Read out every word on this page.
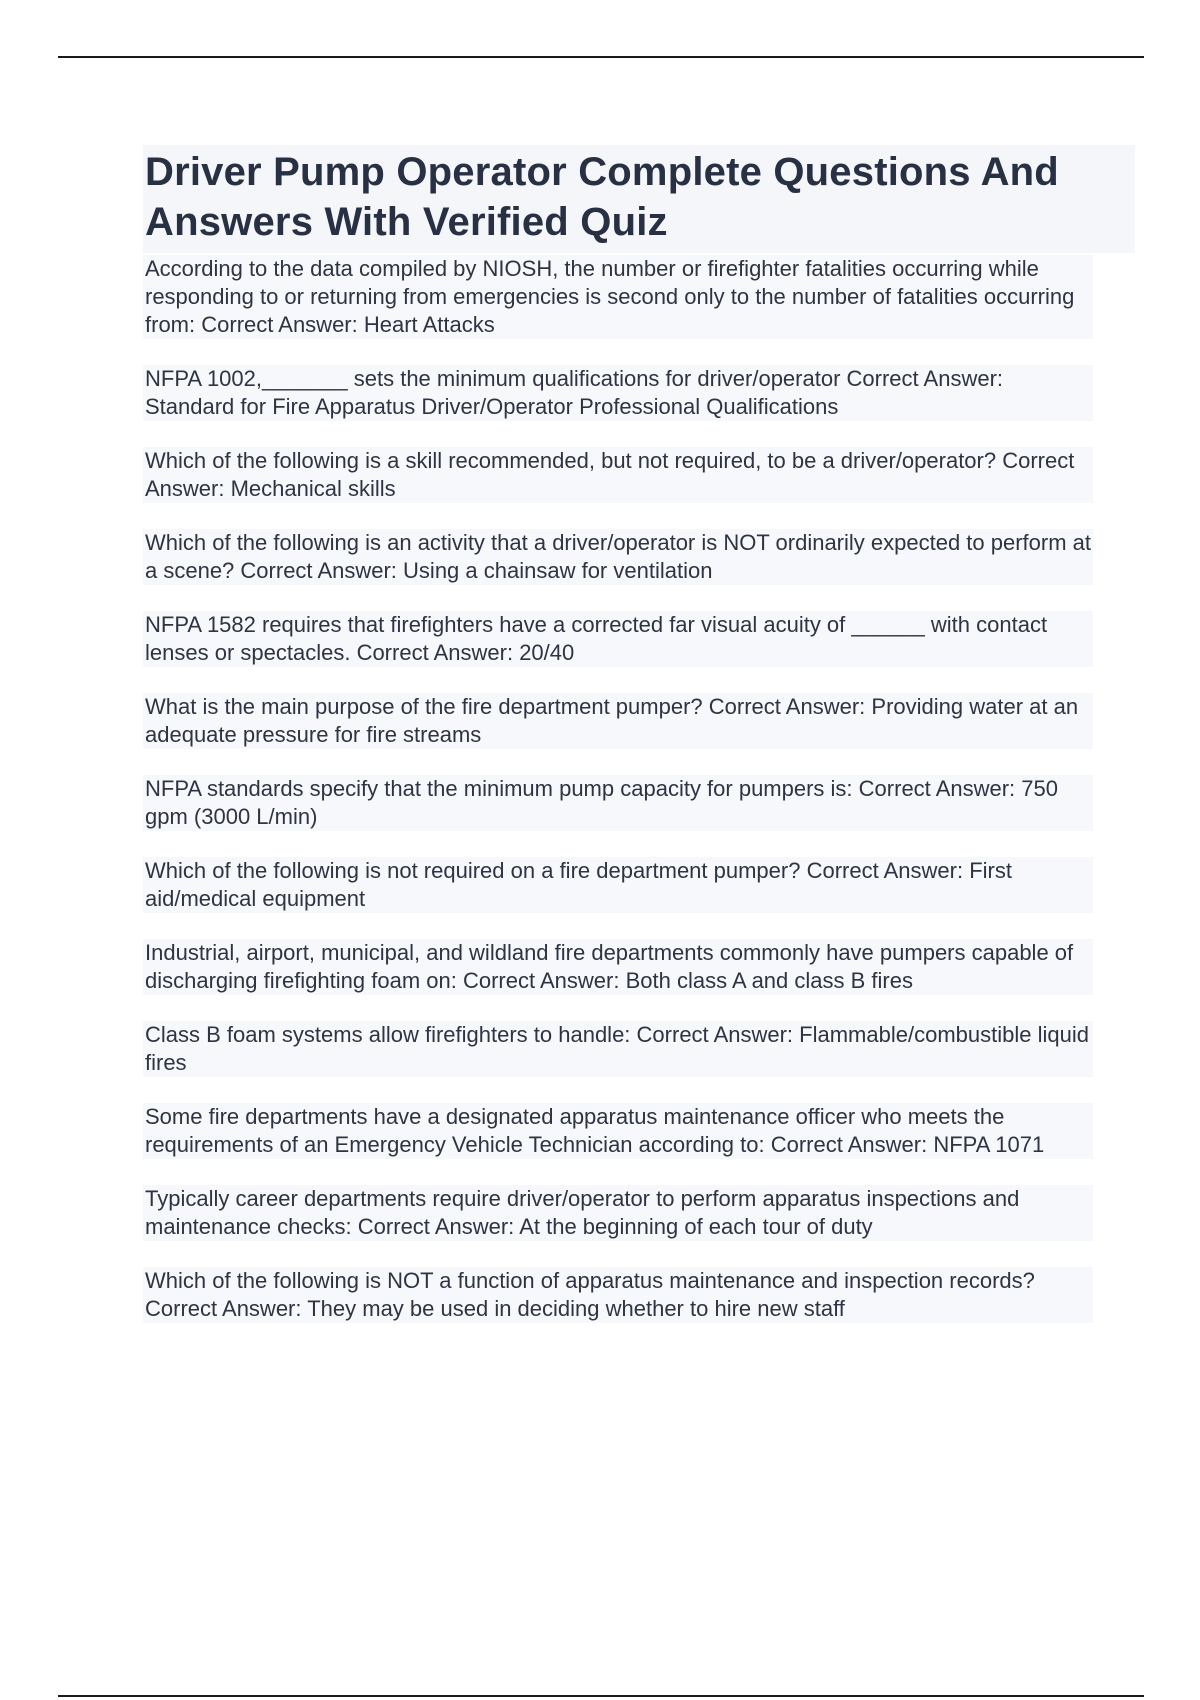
Driver Pump Operator Complete Questions And Answers With Verified Quiz
According to the data compiled by NIOSH, the number or firefighter fatalities occurring while responding to or returning from emergencies is second only to the number of fatalities occurring from: Correct Answer: Heart Attacks
NFPA 1002,_______ sets the minimum qualifications for driver/operator Correct Answer: Standard for Fire Apparatus Driver/Operator Professional Qualifications
Which of the following is a skill recommended, but not required, to be a driver/operator? Correct Answer: Mechanical skills
Which of the following is an activity that a driver/operator is NOT ordinarily expected to perform at a scene? Correct Answer: Using a chainsaw for ventilation
NFPA 1582 requires that firefighters have a corrected far visual acuity of ______ with contact lenses or spectacles. Correct Answer: 20/40
What is the main purpose of the fire department pumper? Correct Answer: Providing water at an adequate pressure for fire streams
NFPA standards specify that the minimum pump capacity for pumpers is: Correct Answer: 750 gpm (3000 L/min)
Which of the following is not required on a fire department pumper? Correct Answer: First aid/medical equipment
Industrial, airport, municipal, and wildland fire departments commonly have pumpers capable of discharging firefighting foam on: Correct Answer: Both class A and class B fires
Class B foam systems allow firefighters to handle: Correct Answer: Flammable/combustible liquid fires
Some fire departments have a designated apparatus maintenance officer who meets the requirements of an Emergency Vehicle Technician according to: Correct Answer: NFPA 1071
Typically career departments require driver/operator to perform apparatus inspections and maintenance checks: Correct Answer: At the beginning of each tour of duty
Which of the following is NOT a function of apparatus maintenance and inspection records? Correct Answer: They may be used in deciding whether to hire new staff
